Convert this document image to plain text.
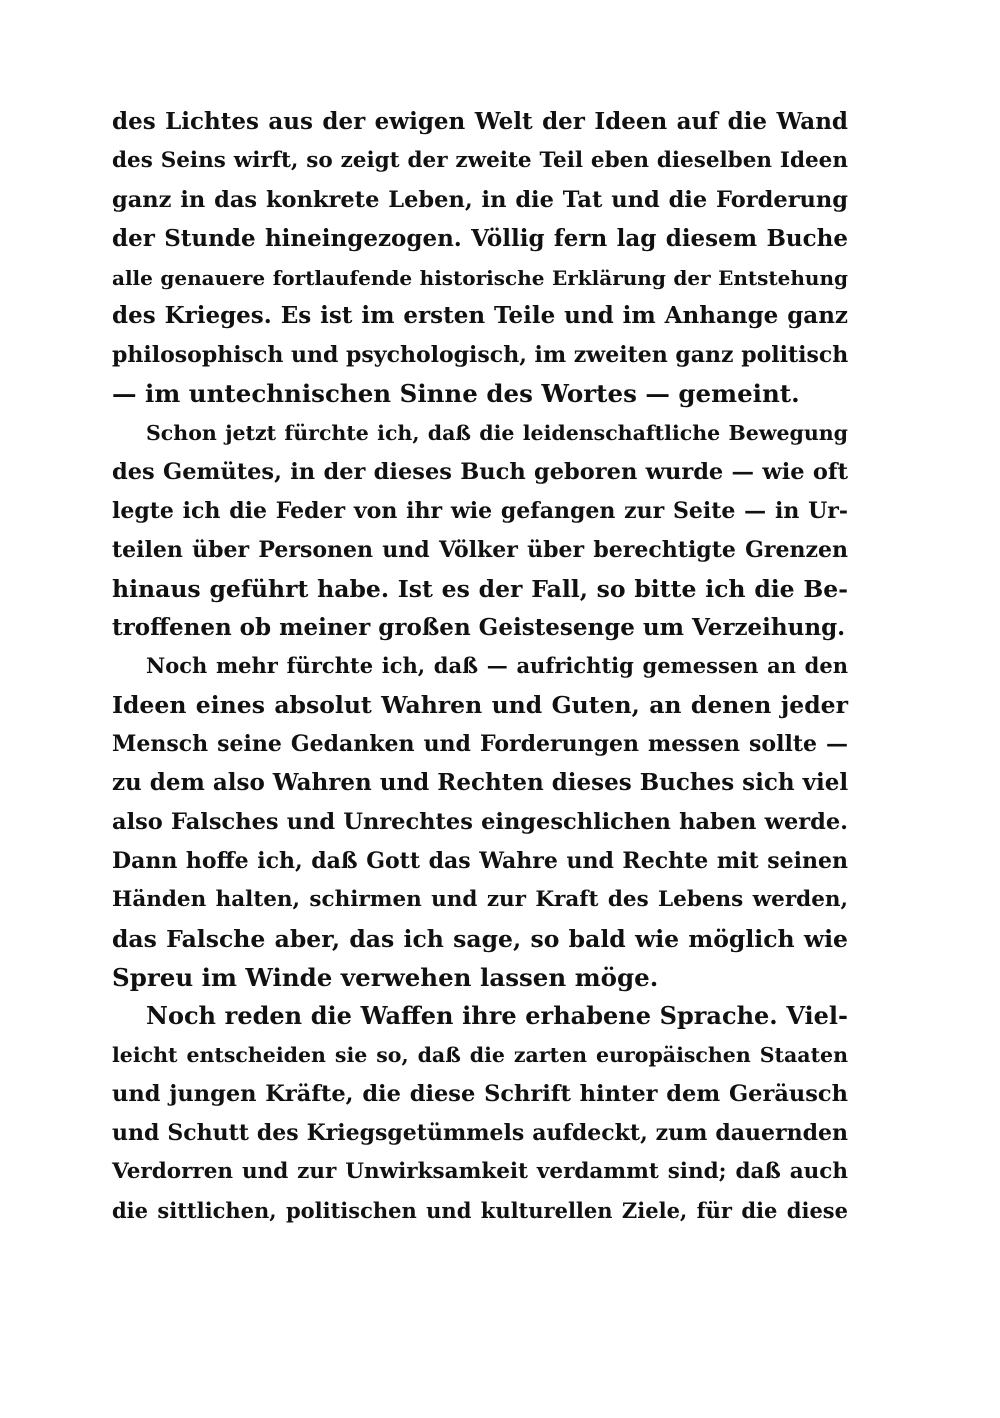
des Lichtes aus der ewigen Welt der Ideen auf die Wand
des Seins wirft, so zeigt der zweite Teil eben dieselben Ideen
ganz in das konkrete Leben, in die Tat und die Forderung
der Stunde hineingezogen. Völlig fern lag diesem Buche
alle genauere fortlaufende historische Erklärung der Entstehung
des Krieges. Es ist im ersten Teile und im Anhange ganz
philosophisch und psychologisch, im zweiten ganz politisch
— im untechnischen Sinne des Wortes — gemeint.
Schon jetzt fürchte ich, daß die leidenschaftliche Bewegung
des Gemütes, in der dieses Buch geboren wurde — wie oft
legte ich die Feder von ihr wie gefangen zur Seite — in Ur-
teilen über Personen und Völker über berechtigte Grenzen
hinaus geführt habe. Ist es der Fall, so bitte ich die Be-
troffenen ob meiner großen Geistesenge um Verzeihung.
Noch mehr fürchte ich, daß — aufrichtig gemessen an den
Ideen eines absolut Wahren und Guten, an denen jeder
Mensch seine Gedanken und Forderungen messen sollte —
zu dem also Wahren und Rechten dieses Buches sich viel
also Falsches und Unrechtes eingeschlichen haben werde.
Dann hoffe ich, daß Gott das Wahre und Rechte mit seinen
Händen halten, schirmen und zur Kraft des Lebens werden,
das Falsche aber, das ich sage, so bald wie möglich wie
Spreu im Winde verwehen lassen möge.
Noch reden die Waffen ihre erhabene Sprache. Viel-
leicht entscheiden sie so, daß die zarten europäischen Staaten
und jungen Kräfte, die diese Schrift hinter dem Geräusch
und Schutt des Kriegsgetümmels aufdeckt, zum dauernden
Verdorren und zur Unwirksamkeit verdammt sind; daß auch
die sittlichen, politischen und kulturellen Ziele, für die diese
